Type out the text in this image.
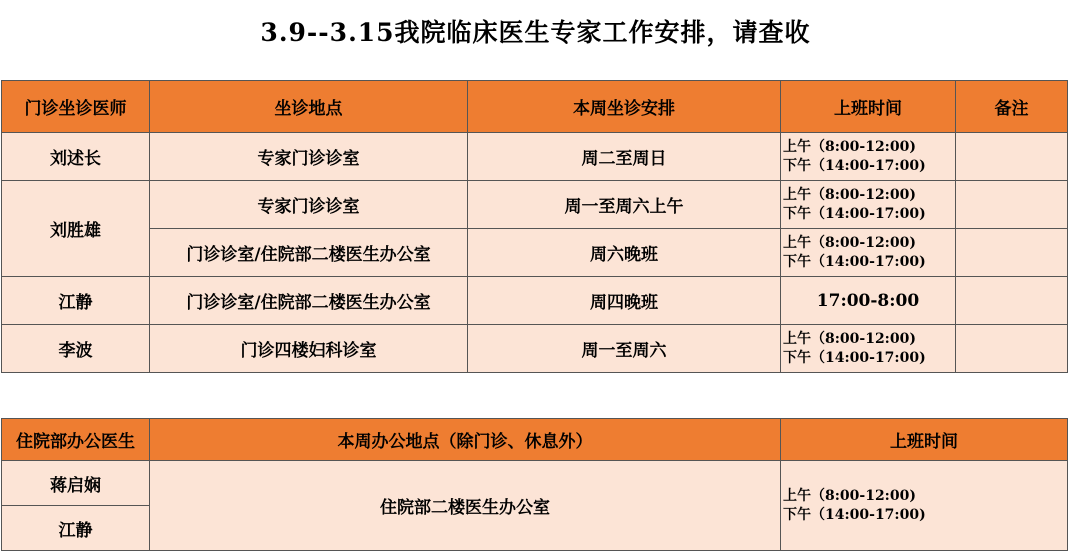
3.9--3.15我院临床医生专家工作安排，请查收
门诊坐诊医师	坐诊地点	本周坐诊安排	上班时间	备注
刘述长	专家门诊诊室	周二至周日	上午（8:00-12:00)
下午（14:00-17:00)	

刘胜雄	专家门诊诊室	周一至周六上午	上午（8:00-12:00)
下午（14:00-17:00)	

	门诊诊室/住院部二楼医生办公室	周六晚班	上午（8:00-12:00)
下午（14:00-17:00)	

江静	门诊诊室/住院部二楼医生办公室	周四晚班	17:00-8:00	
李波	门诊四楼妇科诊室	周一至周六	上午（8:00-12:00)
下午（14:00-17:00)	

住院部办公医生	本周办公地点（除门诊、休息外）	上班时间
蒋启娴	住院部二楼医生办公室	上午（8:00-12:00)
下午（14:00-17:00)

江静		
